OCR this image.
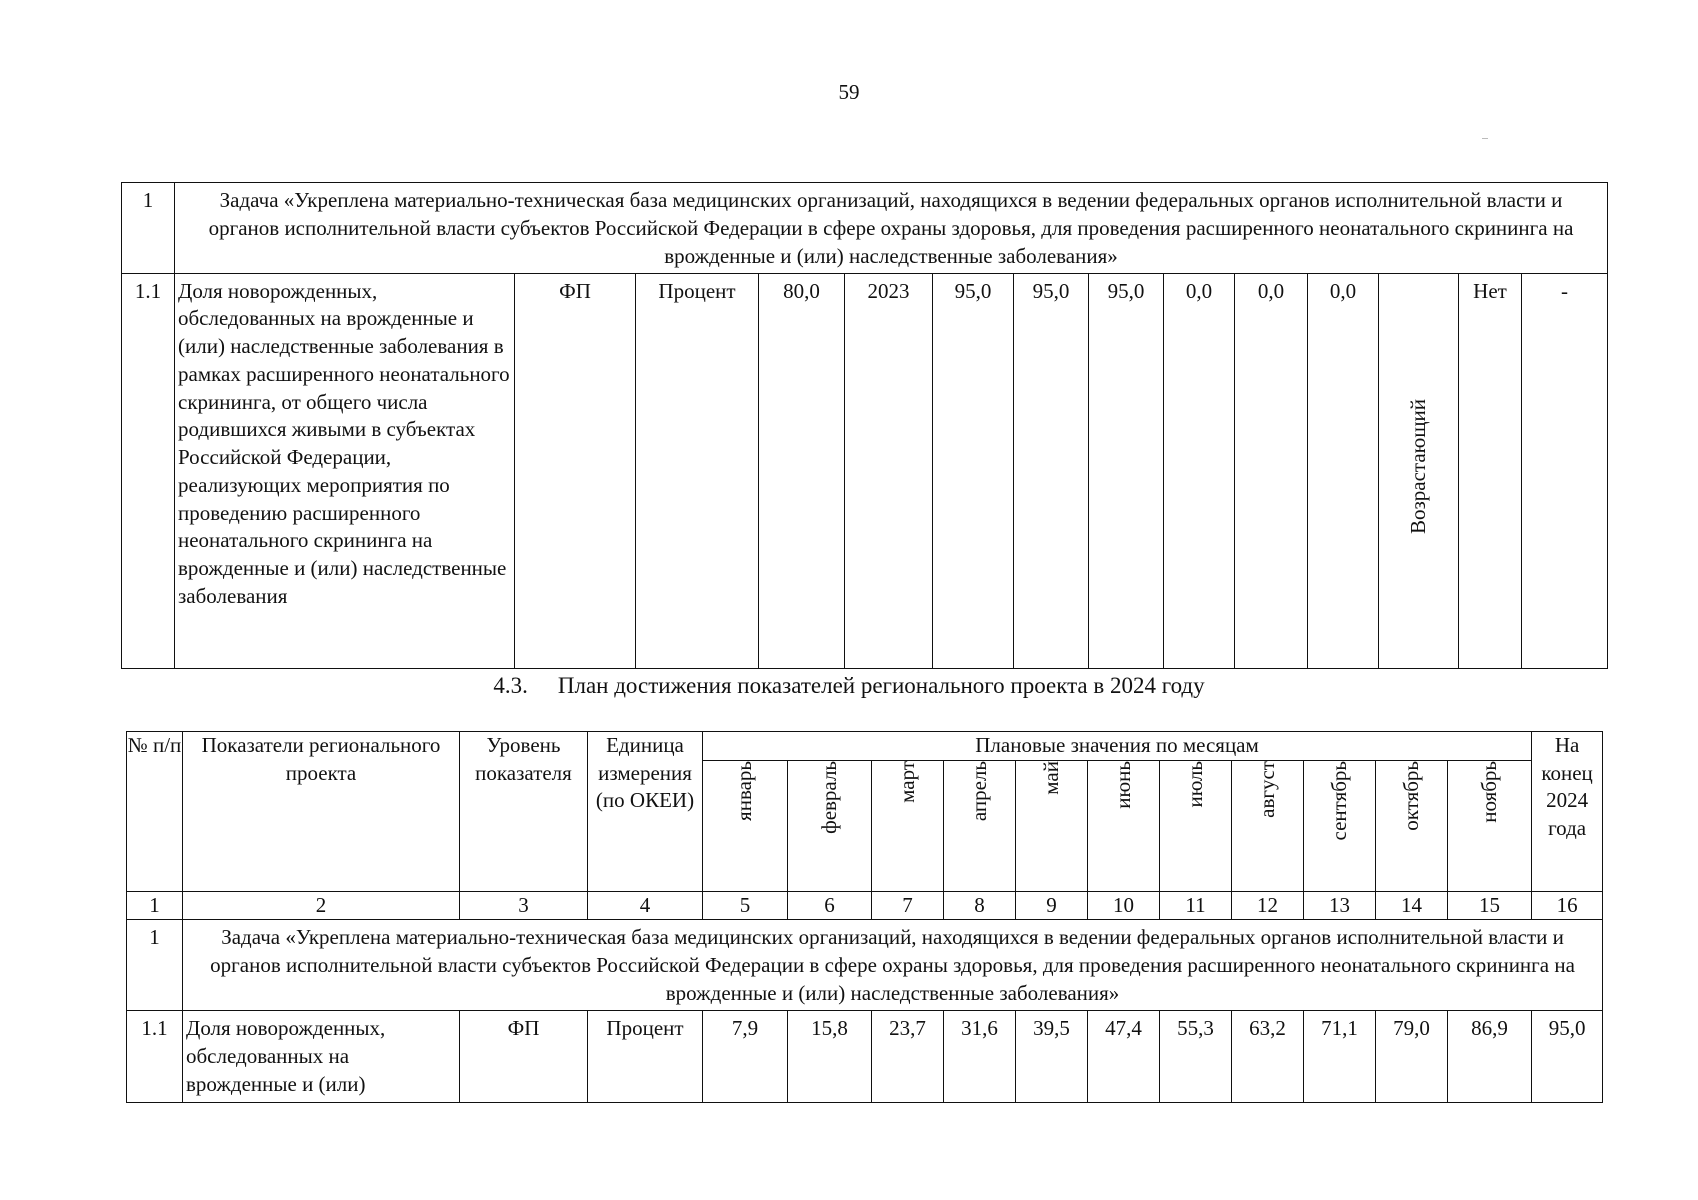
59
1	Задача «Укреплена материально-техническая база медицинских организаций, находящихся в ведении федеральных органов исполнительной власти и органов исполнительной власти субъектов Российской Федерации в сфере охраны здоровья, для проведения расширенного неонатального скрининга на врожденные и (или) наследственные заболевания»													
1.1	Доля новорожденных, обследованных на врожденные и (или) наследственные заболевания в рамках расширенного неонатального скрининга, от общего числа родившихся живыми в субъектах Российской Федерации, реализующих мероприятия по проведению расширенного неонатального скрининга на врожденные и (или) наследственные заболевания	ФП	Процент	80,0	2023	95,0	95,0	95,0	0,0	0,0	0,0	Возрастающий	Нет	-
4.3. План достижения показателей регионального проекта в 2024 году
№ п/п	Показатели регионального проекта	Уровень показателя	Единица измерения (по ОКЕИ)	Плановые значения по месяцам											На конец 2024 года
				январь	февраль	март	апрель	май	июнь	июль	август	сентябрь	октябрь	ноябрь	
1	2	3	4	5	6	7	8	9	10	11	12	13	14	15	16
1	Задача «Укреплена материально-техническая база медицинских организаций, находящихся в ведении федеральных органов исполнительной власти и органов исполнительной власти субъектов Российской Федерации в сфере охраны здоровья, для проведения расширенного неонатального скрининга на врожденные и (или) наследственные заболевания»														
1.1	Доля новорожденных, обследованных на врожденные и (или)	ФП	Процент	7,9	15,8	23,7	31,6	39,5	47,4	55,3	63,2	71,1	79,0	86,9	95,0
